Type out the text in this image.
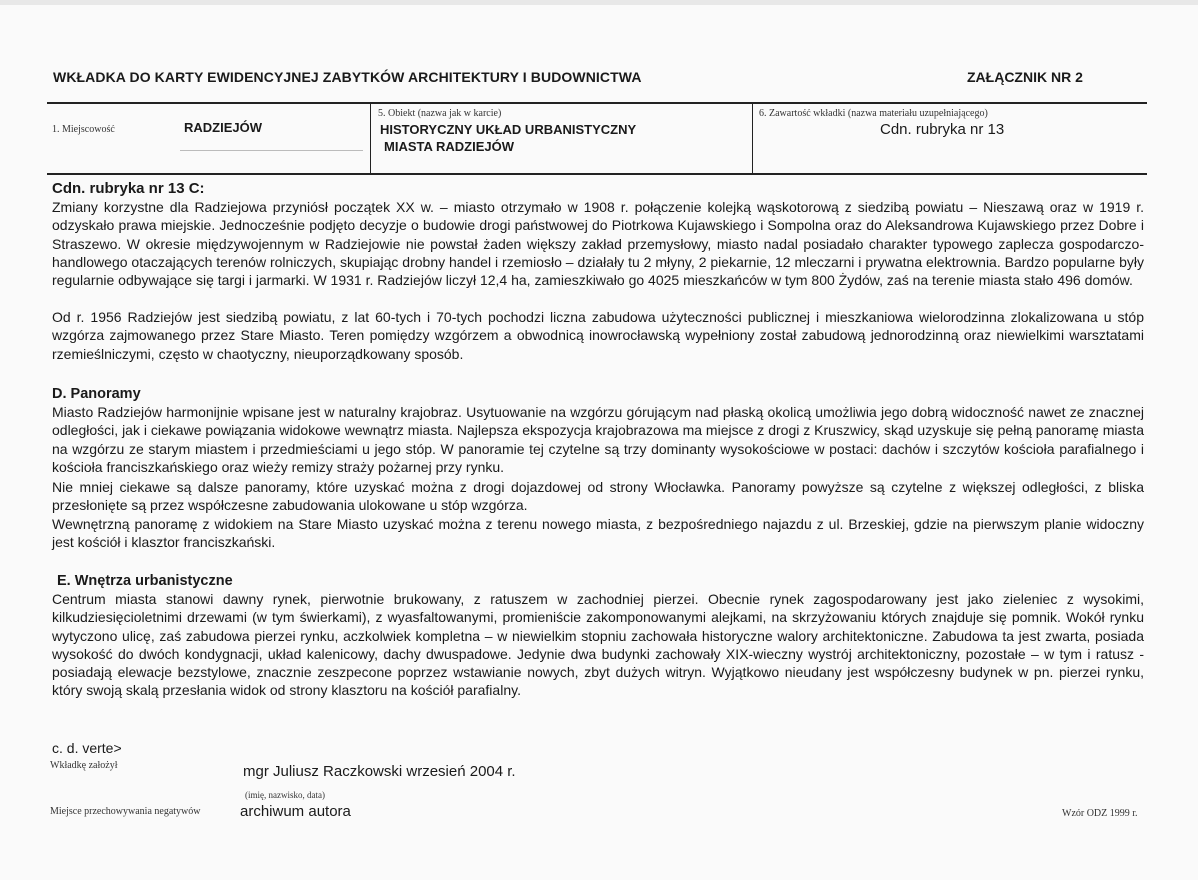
WKŁADKA DO KARTY EWIDENCYJNEJ ZABYTKÓW ARCHITEKTURY I BUDOWNICTWA	ZAŁĄCZNIK NR 2
1. Miejscowość	RADZIEJÓW
5. Obiekt (nazwa jak w karcie)
HISTORYCZNY UKŁAD URBANISTYCZNY
MIASTA RADZIEJÓW
6. Zawartość wkładki (nazwa materiału uzupełniającego)
Cdn. rubryka nr 13
Cdn. rubryka nr 13 C:

Zmiany korzystne dla Radziejowa przyniósł początek XX w. – miasto otrzymało w 1908 r. połączenie kolejką wąskotorową z siedzibą powiatu – Nieszawą oraz w 1919 r. odzyskało prawa miejskie. Jednocześnie podjęto decyzje o budowie drogi państwowej do Piotrkowa Kujawskiego i Sompolna oraz do Aleksandrowa Kujawskiego przez Dobre i Straszewo. W okresie międzywojennym w Radziejowie nie powstał żaden większy zakład przemysłowy, miasto nadal posiadało charakter typowego zaplecza gospodarczo-handlowego otaczających terenów rolniczych, skupiając drobny handel i rzemiosło – działały tu 2 młyny, 2 piekarnie, 12 mleczarni i prywatna elektrownia. Bardzo popularne były regularnie odbywające się targi i jarmarki. W 1931 r. Radziejów liczył 12,4 ha, zamieszkiwało go 4025 mieszkańców w tym 800 Żydów, zaś na terenie miasta stało 496 domów.

Od r. 1956 Radziejów jest siedzibą powiatu, z lat 60-tych i 70-tych pochodzi liczna zabudowa użyteczności publicznej i mieszkaniowa wielorodzinna zlokalizowana u stóp wzgórza zajmowanego przez Stare Miasto. Teren pomiędzy wzgórzem a obwodnicą inowrocławską wypełniony został zabudową jednorodzinną oraz niewielkimi warsztatami rzemieślniczymi, często w chaotyczny, nieuporządkowany sposób.

D. Panoramy

Miasto Radziejów harmonijnie wpisane jest w naturalny krajobraz. Usytuowanie na wzgórzu górującym nad płaską okolicą umożliwia jego dobrą widoczność nawet ze znacznej odległości, jak i ciekawe powiązania widokowe wewnątrz miasta. Najlepsza ekspozycja krajobrazowa ma miejsce z drogi z Kruszwicy, skąd uzyskuje się pełną panoramę miasta na wzgórzu ze starym miastem i przedmieściami u jego stóp. W panoramie tej czytelne są trzy dominanty wysokościowe w postaci: dachów i szczytów kościoła parafialnego i kościoła franciszkańskiego oraz wieży remizy straży pożarnej przy rynku.

Nie mniej ciekawe są dalsze panoramy, które uzyskać można z drogi dojazdowej od strony Włocławka. Panoramy powyższe są czytelne z większej odległości, z bliska przesłonięte są przez współczesne zabudowania ulokowane u stóp wzgórza.

Wewnętrzną panoramę z widokiem na Stare Miasto uzyskać można z terenu nowego miasta, z bezpośredniego najazdu z ul. Brzeskiej, gdzie na pierwszym planie widoczny jest kościół i klasztor franciszkański.

E. Wnętrza urbanistyczne

Centrum miasta stanowi dawny rynek, pierwotnie brukowany, z ratuszem w zachodniej pierzei. Obecnie rynek zagospodarowany jest jako zieleniec z wysokimi, kilkudziesięcioletnimi drzewami (w tym świerkami), z wyasfaltowanymi, promieniście zakomponowanymi alejkami, na skrzyżowaniu których znajduje się pomnik. Wokół rynku wytyczono ulicę, zaś zabudowa pierzei rynku, aczkolwiek kompletna – w niewielkim stopniu zachowała historyczne walory architektoniczne. Zabudowa ta jest zwarta, posiada wysokość do dwóch kondygnacji, układ kalenicowy, dachy dwuspadowe. Jedynie dwa budynki zachowały XIX-wieczny wystrój architektoniczny, pozostałe – w tym i ratusz - posiadają elewacje bezstylowe, znacznie zeszpecone poprzez wstawianie nowych, zbyt dużych witryn. Wyjątkowo nieudany jest współczesny budynek w pn. pierzei rynku, który swoją skalą przesłania widok od strony klasztoru na kościół parafialny.

c. d. verte>
Wkładkę założył	mgr Juliusz Raczkowski wrzesień 2004 r.
(imię, nazwisko, data)
Miejsce przechowywania negatywów	archiwum autora	Wzór ODZ 1999 r.
